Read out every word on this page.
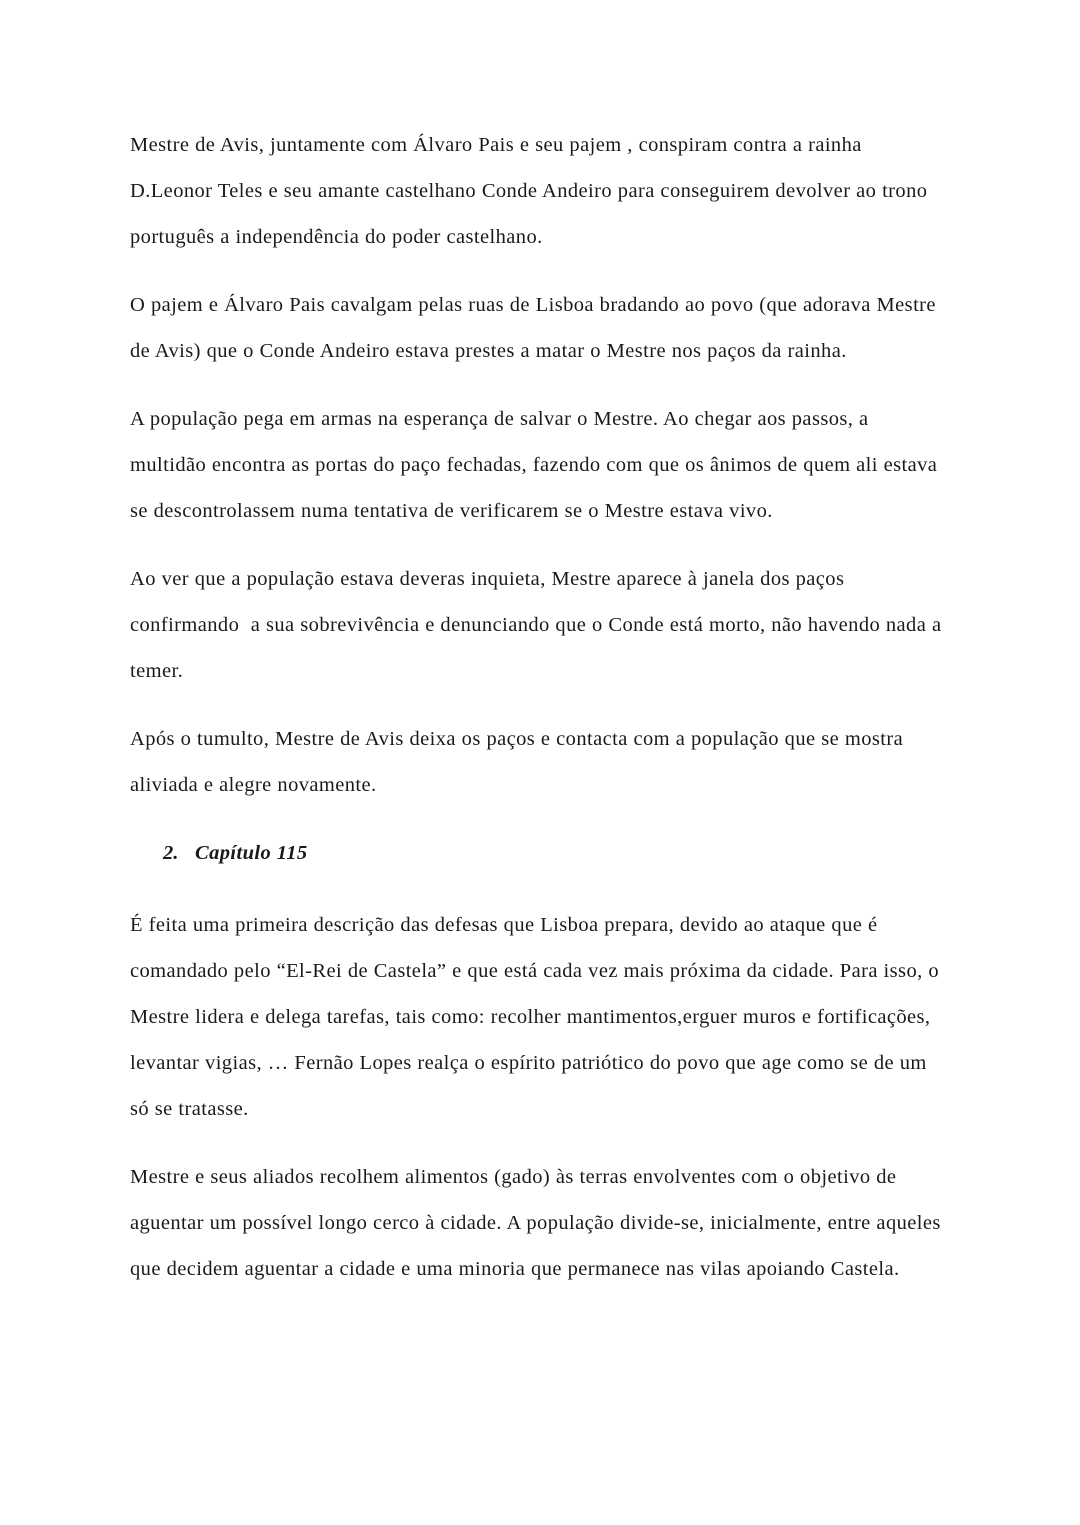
Mestre de Avis, juntamente com Álvaro Pais e seu pajem , conspiram contra a rainha D.Leonor Teles e seu amante castelhano Conde Andeiro para conseguirem devolver ao trono português a independência do poder castelhano.

O pajem e Álvaro Pais cavalgam pelas ruas de Lisboa bradando ao povo (que adorava Mestre de Avis) que o Conde Andeiro estava prestes a matar o Mestre nos paços da rainha.

A população pega em armas na esperança de salvar o Mestre. Ao chegar aos passos, a multidão encontra as portas do paço fechadas, fazendo com que os ânimos de quem ali estava se descontrolassem numa tentativa de verificarem se o Mestre estava vivo.

Ao ver que a população estava deveras inquieta, Mestre aparece à janela dos paços confirmando  a sua sobrevivência e denunciando que o Conde está morto, não havendo nada a temer.

Após o tumulto, Mestre de Avis deixa os paços e contacta com a população que se mostra aliviada e alegre novamente.

2. Capítulo 115

É feita uma primeira descrição das defesas que Lisboa prepara, devido ao ataque que é comandado pelo “El-Rei de Castela” e que está cada vez mais próxima da cidade. Para isso, o Mestre lidera e delega tarefas, tais como: recolher mantimentos,erguer muros e fortificações, levantar vigias, … Fernão Lopes realça o espírito patriótico do povo que age como se de um só se tratasse.

Mestre e seus aliados recolhem alimentos (gado) às terras envolventes com o objetivo de aguentar um possível longo cerco à cidade. A população divide-se, inicialmente, entre aqueles que decidem aguentar a cidade e uma minoria que permanece nas vilas apoiando Castela.
